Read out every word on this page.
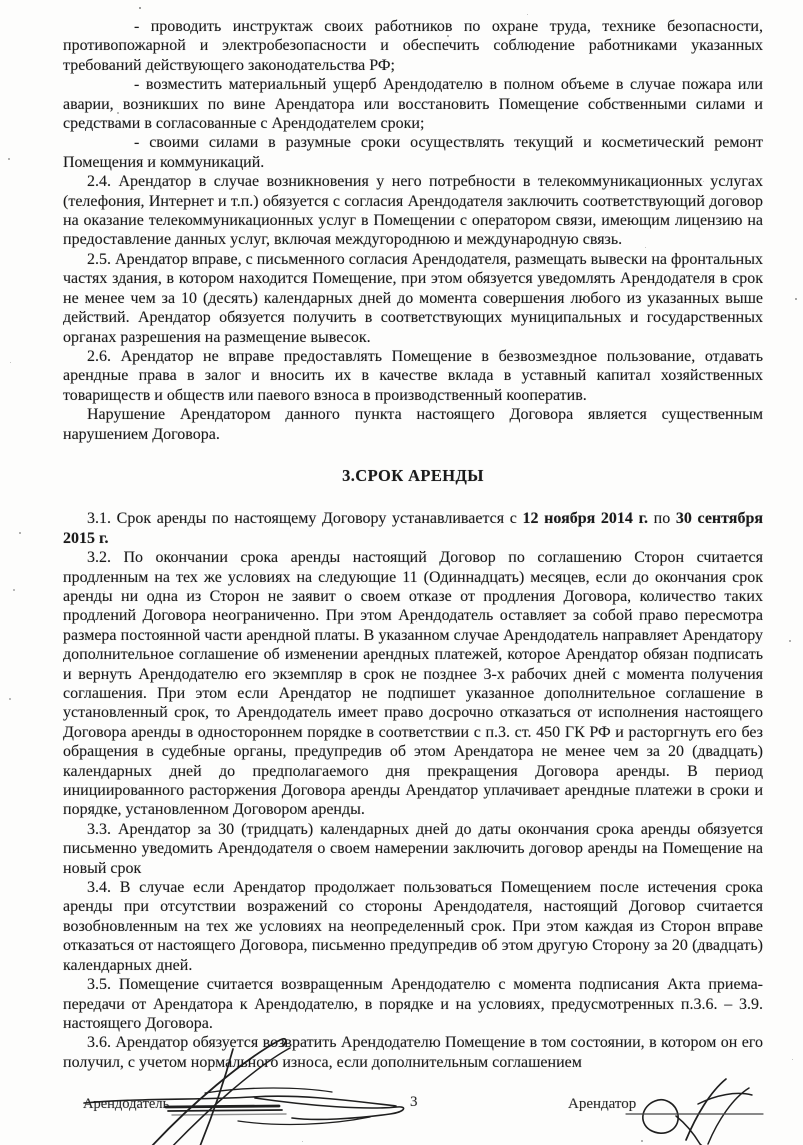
- проводить инструктаж своих работников по охране труда, технике безопасности, противопожарной и электробезопасности и обеспечить соблюдение работниками указанных требований действующего законодательства РФ;

- возместить материальный ущерб Арендодателю в полном объеме в случае пожара или аварии, возникших по вине Арендатора или восстановить Помещение собственными силами и средствами в согласованные с Арендодателем сроки;

- своими силами в разумные сроки осуществлять текущий и косметический ремонт Помещения и коммуникаций.

2.4. Арендатор в случае возникновения у него потребности в телекоммуникационных услугах (телефония, Интернет и т.п.) обязуется с согласия Арендодателя заключить соответствующий договор на оказание телекоммуникационных услуг в Помещении с оператором связи, имеющим лицензию на предоставление данных услуг, включая междугороднюю и международную связь.

2.5. Арендатор вправе, с письменного согласия Арендодателя, размещать вывески на фронтальных частях здания, в котором находится Помещение, при этом обязуется уведомлять Арендодателя в срок не менее чем за 10 (десять) календарных дней до момента совершения любого из указанных выше действий. Арендатор обязуется получить в соответствующих муниципальных и государственных органах разрешения на размещение вывесок.

2.6. Арендатор не вправе предоставлять Помещение в безвозмездное пользование, отдавать арендные права в залог и вносить их в качестве вклада в уставный капитал хозяйственных товариществ и обществ или паевого взноса в производственный кооператив.

Нарушение Арендатором данного пункта настоящего Договора является существенным нарушением Договора.

3.СРОК АРЕНДЫ

3.1. Срок аренды по настоящему Договору устанавливается с 12 ноября 2014 г. по 30 сентября 2015 г.

3.2. По окончании срока аренды настоящий Договор по соглашению Сторон считается продленным на тех же условиях на следующие 11 (Одиннадцать) месяцев, если до окончания срок аренды ни одна из Сторон не заявит о своем отказе от продления Договора, количество таких продлений Договора неограниченно. При этом Арендодатель оставляет за собой право пересмотра размера постоянной части арендной платы. В указанном случае Арендодатель направляет Арендатору дополнительное соглашение об изменении арендных платежей, которое Арендатор обязан подписать и вернуть Арендодателю его экземпляр в срок не позднее 3-х рабочих дней с момента получения соглашения. При этом если Арендатор не подпишет указанное дополнительное соглашение в установленный срок, то Арендодатель имеет право досрочно отказаться от исполнения настоящего Договора аренды в одностороннем порядке в соответствии с п.3. ст. 450 ГК РФ и расторгнуть его без обращения в судебные органы, предупредив об этом Арендатора не менее чем за 20 (двадцать) календарных дней до предполагаемого дня прекращения Договора аренды. В период инициированного расторжения Договора аренды Арендатор уплачивает арендные платежи в сроки и порядке, установленном Договором аренды.

3.3. Арендатор за 30 (тридцать) календарных дней до даты окончания срока аренды обязуется письменно уведомить Арендодателя о своем намерении заключить договор аренды на Помещение на новый срок

3.4. В случае если Арендатор продолжает пользоваться Помещением после истечения срока аренды при отсутствии возражений со стороны Арендодателя, настоящий Договор считается возобновленным на тех же условиях на неопределенный срок. При этом каждая из Сторон вправе отказаться от настоящего Договора, письменно предупредив об этом другую Сторону за 20 (двадцать) календарных дней.

3.5. Помещение считается возвращенным Арендодателю с момента подписания Акта приема-передачи от Арендатора к Арендодателю, в порядке и на условиях, предусмотренных п.3.6. – 3.9. настоящего Договора.

3.6. Арендатор обязуется возвратить Арендодателю Помещение в том состоянии, в котором он его получил, с учетом нормального износа, если дополнительным соглашением

Арендодатель	3	Арендатор
